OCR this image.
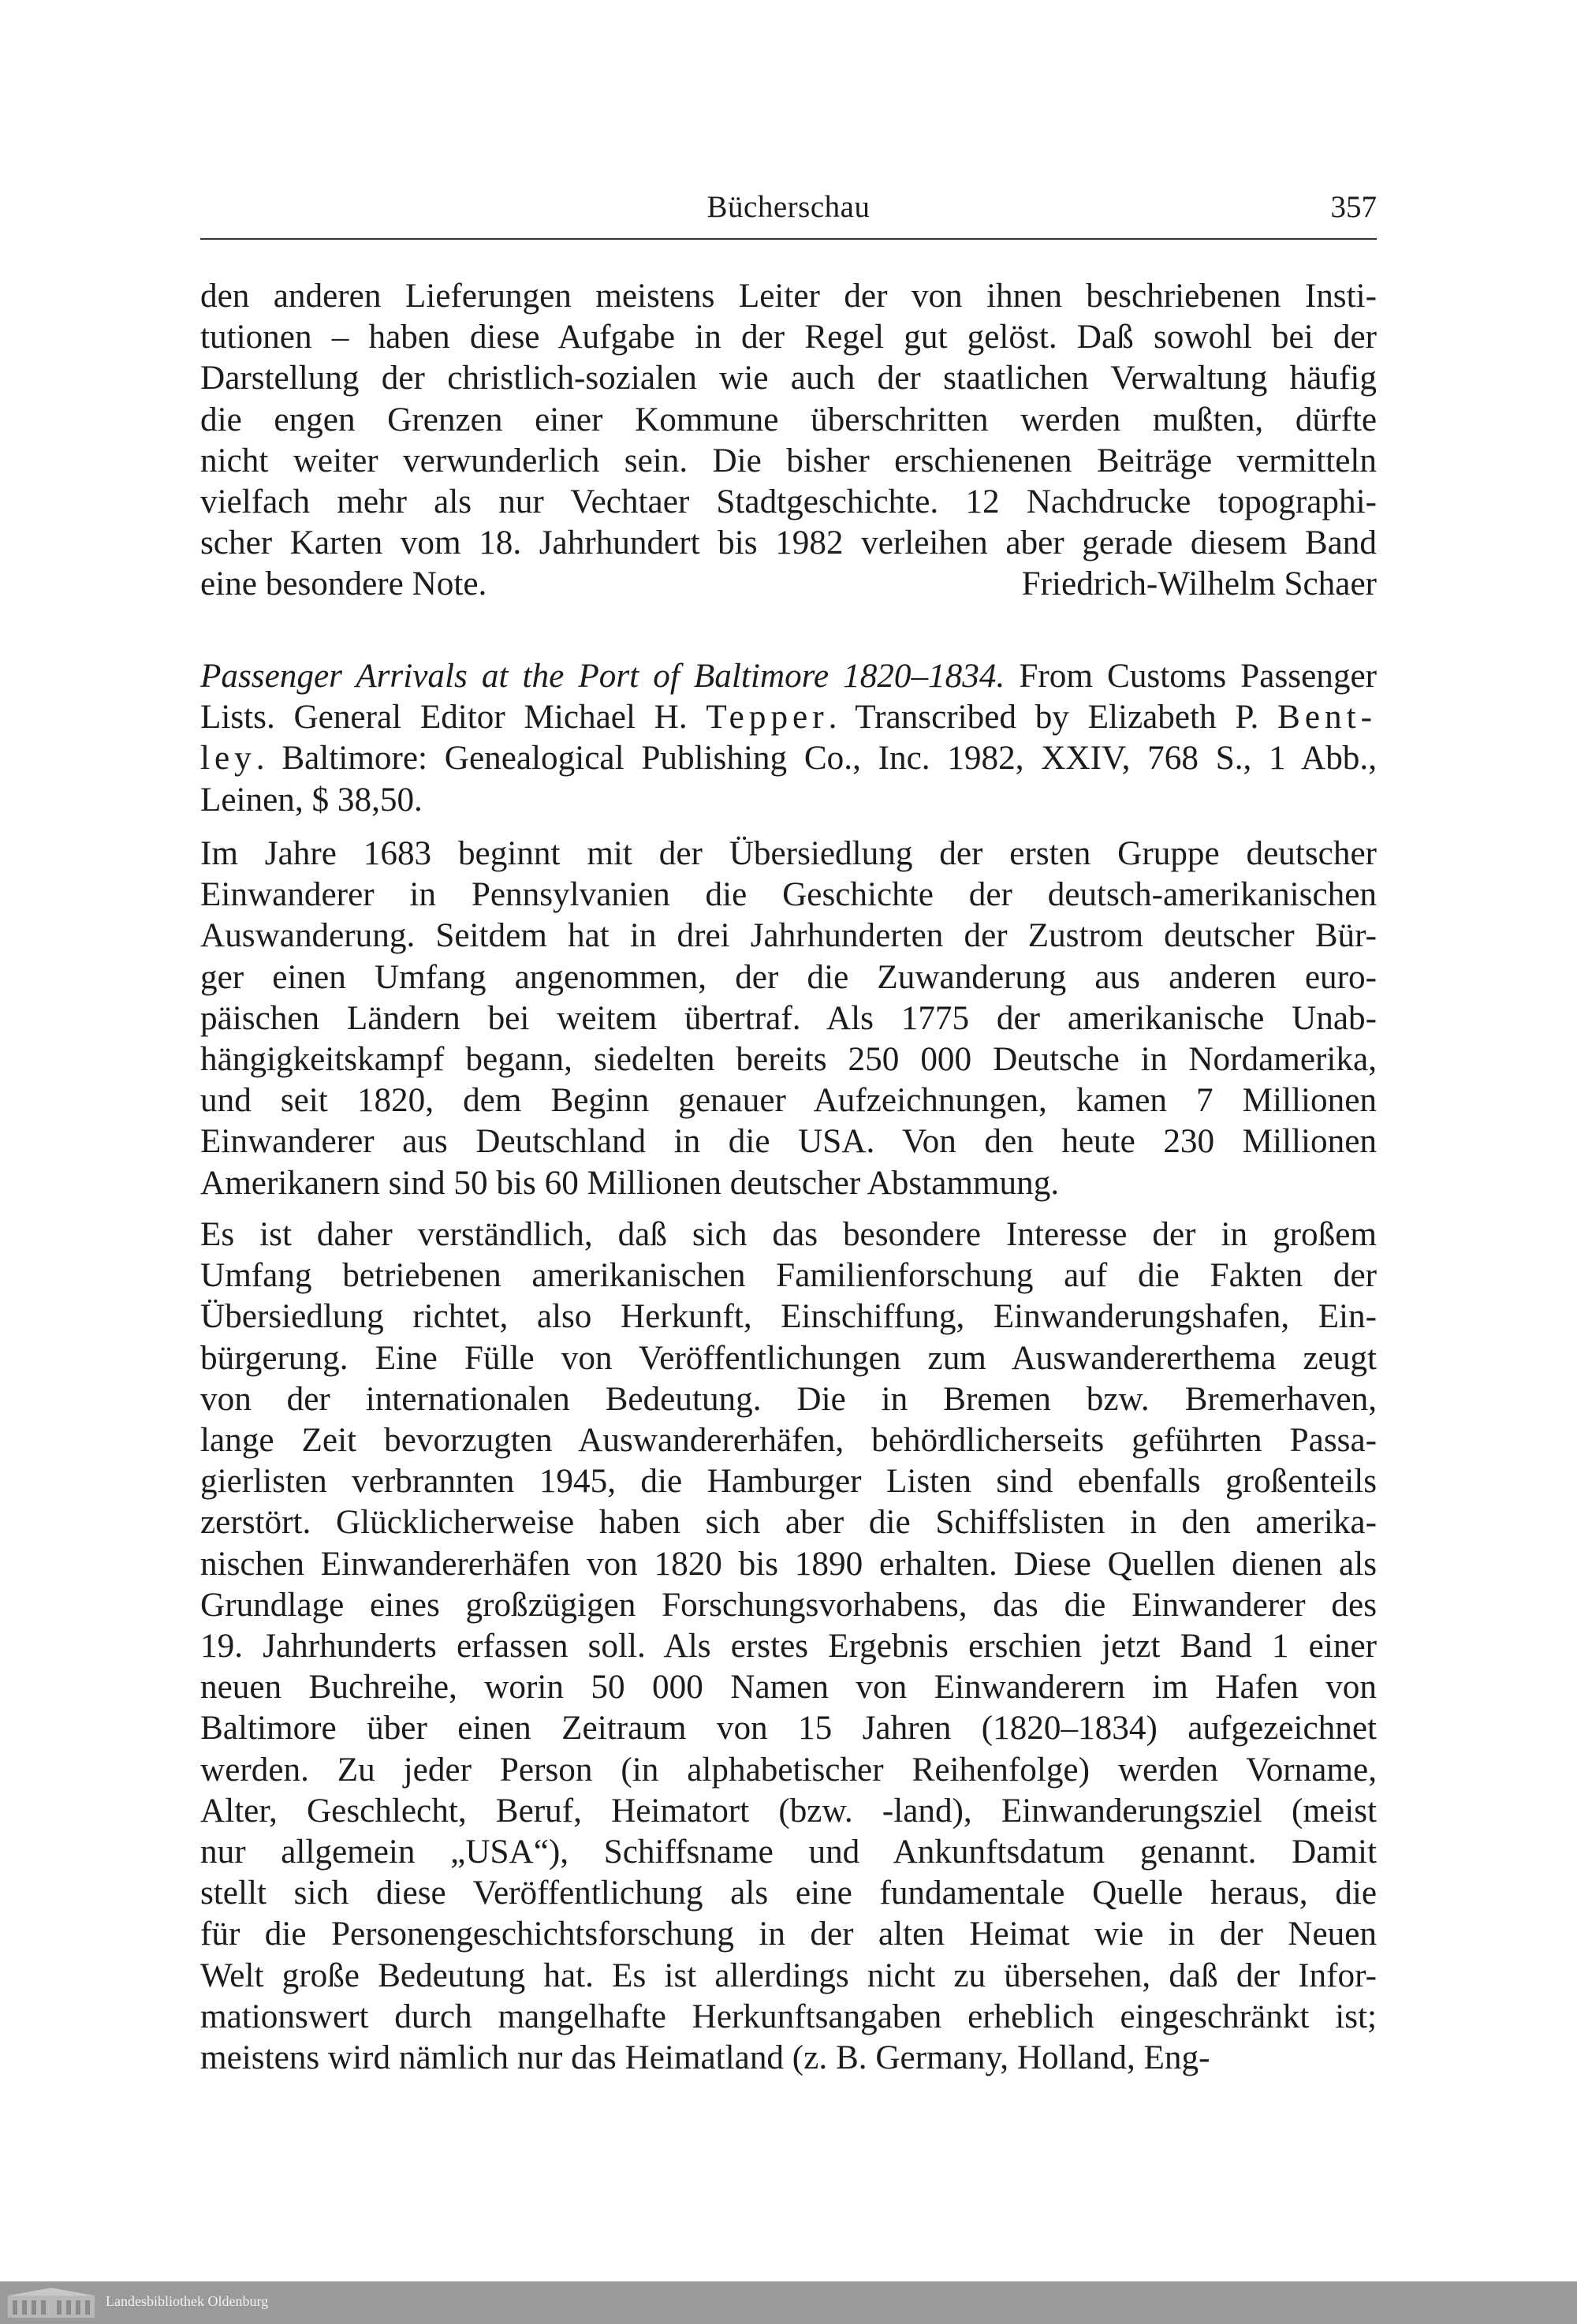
Bücherschau	357

den anderen Lieferungen meistens Leiter der von ihnen beschriebenen Insti-
tutionen – haben diese Aufgabe in der Regel gut gelöst. Daß sowohl bei der
Darstellung der christlich-sozialen wie auch der staatlichen Verwaltung häufig
die engen Grenzen einer Kommune überschritten werden mußten, dürfte
nicht weiter verwunderlich sein. Die bisher erschienenen Beiträge vermitteln
vielfach mehr als nur Vechtaer Stadtgeschichte. 12 Nachdrucke topographi-
scher Karten vom 18. Jahrhundert bis 1982 verleihen aber gerade diesem Band
eine besondere Note.	Friedrich-Wilhelm Schaer

Passenger Arrivals at the Port of Baltimore 1820–1834. From Customs Passenger
Lists. General Editor Michael H. Tepper. Transcribed by Elizabeth P. Bent-
ley. Baltimore: Genealogical Publishing Co., Inc. 1982, XXIV, 768 S., 1 Abb.,
Leinen, $ 38,50.

Im Jahre 1683 beginnt mit der Übersiedlung der ersten Gruppe deutscher
Einwanderer in Pennsylvanien die Geschichte der deutsch-amerikanischen
Auswanderung. Seitdem hat in drei Jahrhunderten der Zustrom deutscher Bür-
ger einen Umfang angenommen, der die Zuwanderung aus anderen euro-
päischen Ländern bei weitem übertraf. Als 1775 der amerikanische Unab-
hängigkeitskampf begann, siedelten bereits 250 000 Deutsche in Nordamerika,
und seit 1820, dem Beginn genauer Aufzeichnungen, kamen 7 Millionen
Einwanderer aus Deutschland in die USA. Von den heute 230 Millionen
Amerikanern sind 50 bis 60 Millionen deutscher Abstammung.

Es ist daher verständlich, daß sich das besondere Interesse der in großem
Umfang betriebenen amerikanischen Familienforschung auf die Fakten der
Übersiedlung richtet, also Herkunft, Einschiffung, Einwanderungshafen, Ein-
bürgerung. Eine Fülle von Veröffentlichungen zum Auswandererthema zeugt
von der internationalen Bedeutung. Die in Bremen bzw. Bremerhaven,
lange Zeit bevorzugten Auswandererhäfen, behördlicherseits geführten Passa-
gierlisten verbrannten 1945, die Hamburger Listen sind ebenfalls großenteils
zerstört. Glücklicherweise haben sich aber die Schiffslisten in den amerika-
nischen Einwandererhäfen von 1820 bis 1890 erhalten. Diese Quellen dienen als
Grundlage eines großzügigen Forschungsvorhabens, das die Einwanderer des
19. Jahrhunderts erfassen soll. Als erstes Ergebnis erschien jetzt Band 1 einer
neuen Buchreihe, worin 50 000 Namen von Einwanderern im Hafen von
Baltimore über einen Zeitraum von 15 Jahren (1820–1834) aufgezeichnet
werden. Zu jeder Person (in alphabetischer Reihenfolge) werden Vorname,
Alter, Geschlecht, Beruf, Heimatort (bzw. -land), Einwanderungsziel (meist
nur allgemein „USA“), Schiffsname und Ankunftsdatum genannt. Damit
stellt sich diese Veröffentlichung als eine fundamentale Quelle heraus, die
für die Personengeschichtsforschung in der alten Heimat wie in der Neuen
Welt große Bedeutung hat. Es ist allerdings nicht zu übersehen, daß der Infor-
mationswert durch mangelhafte Herkunftsangaben erheblich eingeschränkt ist;
meistens wird nämlich nur das Heimatland (z. B. Germany, Holland, Eng-

Landesbibliothek Oldenburg
